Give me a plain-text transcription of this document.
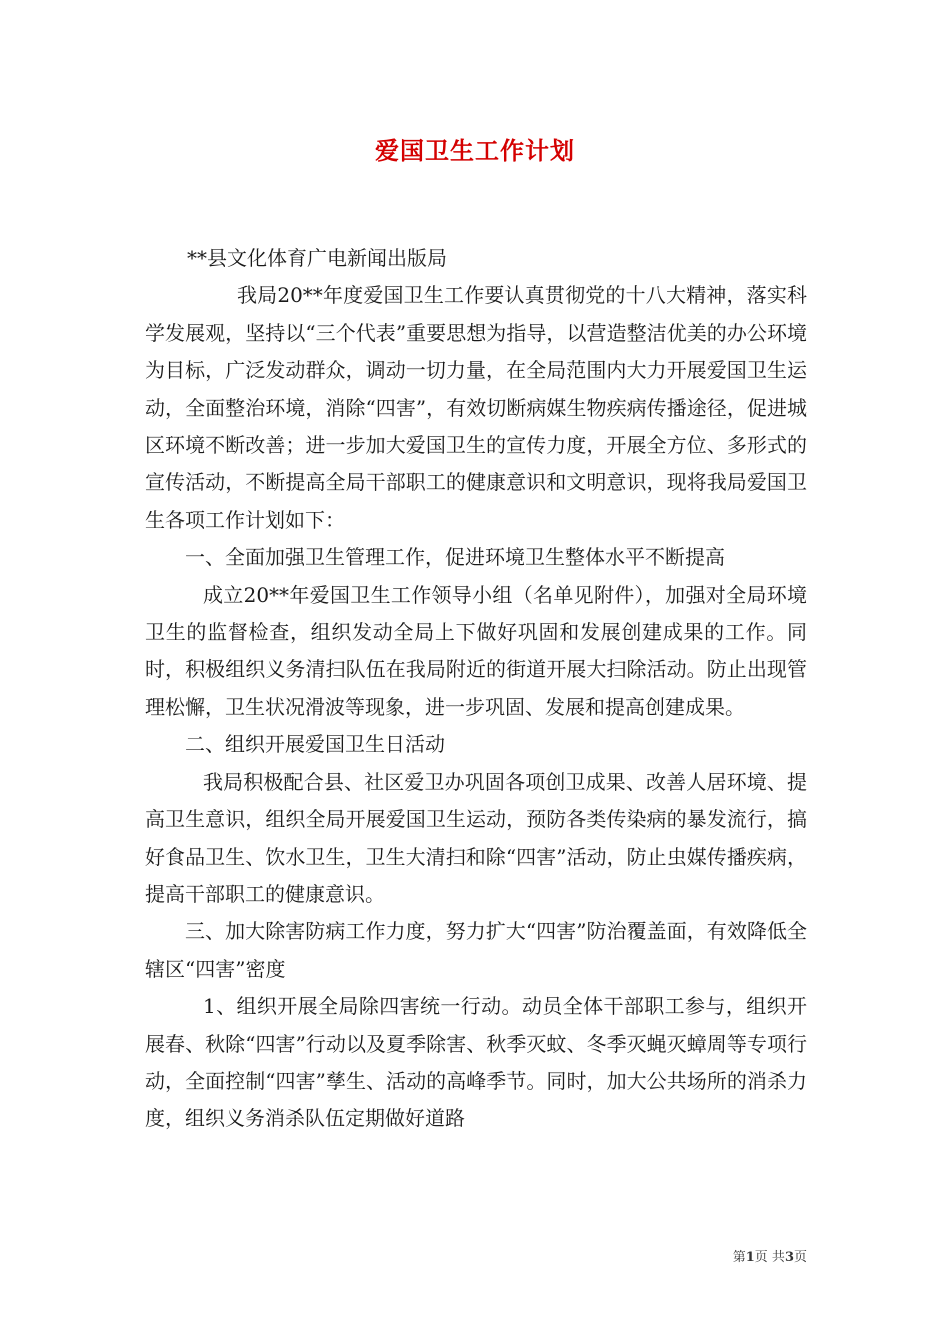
爱国卫生工作计划

**县文化体育广电新闻出版局

我局20**年度爱国卫生工作要认真贯彻党的十八大精神，落实科学发展观，坚持以“三个代表”重要思想为指导，以营造整洁优美的办公环境为目标，广泛发动群众，调动一切力量，在全局范围内大力开展爱国卫生运动，全面整治环境，消除“四害”，有效切断病媒生物疾病传播途径，促进城区环境不断改善；进一步加大爱国卫生的宣传力度，开展全方位、多形式的宣传活动，不断提高全局干部职工的健康意识和文明意识，现将我局爱国卫生各项工作计划如下：

一、全面加强卫生管理工作，促进环境卫生整体水平不断提高

成立20**年爱国卫生工作领导小组（名单见附件），加强对全局环境卫生的监督检查，组织发动全局上下做好巩固和发展创建成果的工作。同时，积极组织义务清扫队伍在我局附近的街道开展大扫除活动。防止出现管理松懈，卫生状况滑波等现象，进一步巩固、发展和提高创建成果。

二、组织开展爱国卫生日活动

我局积极配合县、社区爱卫办巩固各项创卫成果、改善人居环境、提高卫生意识，组织全局开展爱国卫生运动，预防各类传染病的暴发流行，搞好食品卫生、饮水卫生，卫生大清扫和除“四害”活动，防止虫媒传播疾病，提高干部职工的健康意识。

三、加大除害防病工作力度，努力扩大“四害”防治覆盖面，有效降低全辖区“四害”密度

1、组织开展全局除四害统一行动。动员全体干部职工参与，组织开展春、秋除“四害”行动以及夏季除害、秋季灭蚊、冬季灭蝇灭蟑周等专项行动，全面控制“四害”孳生、活动的高峰季节。同时，加大公共场所的消杀力度，组织义务消杀队伍定期做好道路

第1页 共3页
